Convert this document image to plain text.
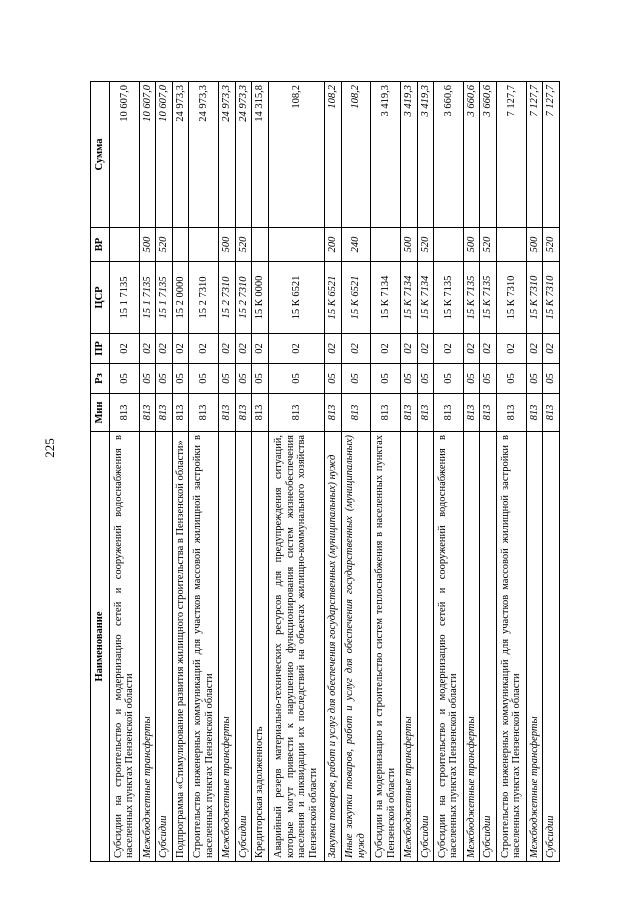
225
Наименование	Мин	Рз	ПР	ЦСР	ВР	Сумма
Субсидии на строительство и модернизацию сетей и сооружений водоснабжения в населенных пунктах Пензенской области	813	05	02	15 1 7135		10 607,0
Межбюджетные трансферты	813	05	02	15 1 7135	500	10 607,0
Субсидии	813	05	02	15 1 7135	520	10 607,0
Подпрограмма «Стимулирование развития жилищного строительства в Пензенской области»	813	05	02	15 2 0000		24 973,3
Строительство инженерных коммуникаций для участков массовой жилищной застройки в населенных пунктах Пензенской области	813	05	02	15 2 7310		24 973,3
Межбюджетные трансферты	813	05	02	15 2 7310	500	24 973,3
Субсидии	813	05	02	15 2 7310	520	24 973,3
Кредиторская задолженность	813	05	02	15 К 0000		14 315,8
Аварийный резерв материально-технических ресурсов для предупреждения ситуаций, которые могут привести к нарушению функционирования систем жизнеобеспечения населения и ликвидации их последствий на объектах жилищно-коммунального хозяйства Пензенской области	813	05	02	15 К 6521		108,2
Закупка товаров, работ и услуг для обеспечения государственных (муниципальных) нужд	813	05	02	15 К 6521	200	108,2
Иные закупки товаров, работ и услуг для обеспечения государственных (муниципальных) нужд	813	05	02	15 К 6521	240	108,2
Субсидии на модернизацию и строительство систем теплоснабжения в населенных пунктах Пензенской области	813	05	02	15 К 7134		3 419,3
Межбюджетные трансферты	813	05	02	15 К 7134	500	3 419,3
Субсидии	813	05	02	15 К 7134	520	3 419,3
Субсидии на строительство и модернизацию сетей и сооружений водоснабжения в населенных пунктах Пензенской области	813	05	02	15 К 7135		3 660,6
Межбюджетные трансферты	813	05	02	15 К 7135	500	3 660,6
Субсидии	813	05	02	15 К 7135	520	3 660,6
Строительство инженерных коммуникаций для участков массовой жилищной застройки в населенных пунктах Пензенской области	813	05	02	15 К 7310		7 127,7
Межбюджетные трансферты	813	05	02	15 К 7310	500	7 127,7
Субсидии	813	05	02	15 К 7310	520	7 127,7
